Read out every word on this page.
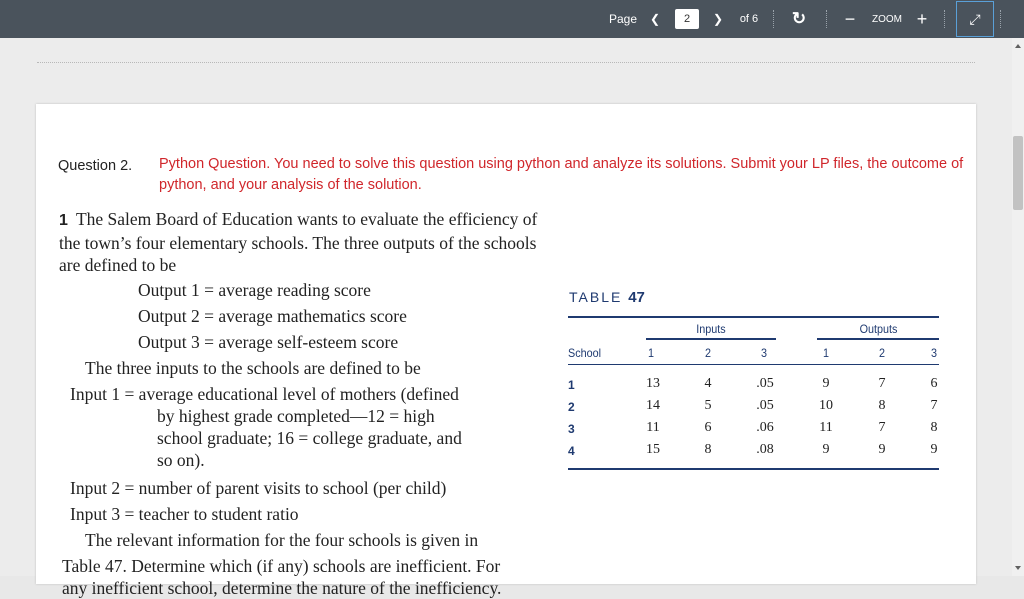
Page	❮	2	❯	of 6	↻	−	ZOOM +	⤢
Question 2. Python Question. You need to solve this question using python and analyze its solutions. Submit your LP files, the outcome of python, and your analysis of the solution.
1 The Salem Board of Education wants to evaluate the efficiency of the town’s four elementary schools. The three outputs of the schools are defined to be
Output 1 = average reading score
Output 2 = average mathematics score
Output 3 = average self-esteem score
The three inputs to the schools are defined to be
Input 1 = average educational level of mothers (defined
by highest grade completed—12 = high
school graduate; 16 = college graduate, and
so on).
Input 2 = number of parent visits to school (per child)
Input 3 = teacher to student ratio
The relevant information for the four schools is given in
Table 47. Determine which (if any) schools are inefficient. For
any inefficient school, determine the nature of the inefficiency.
TABLE 47
Inputs	Outputs
School	1	2	3	1	2	3
1	13	4	.05	9	7	6
2	14	5	.05	10	8	7
3	11	6	.06	11	7	8
4	15	8	.08	9	9	9
